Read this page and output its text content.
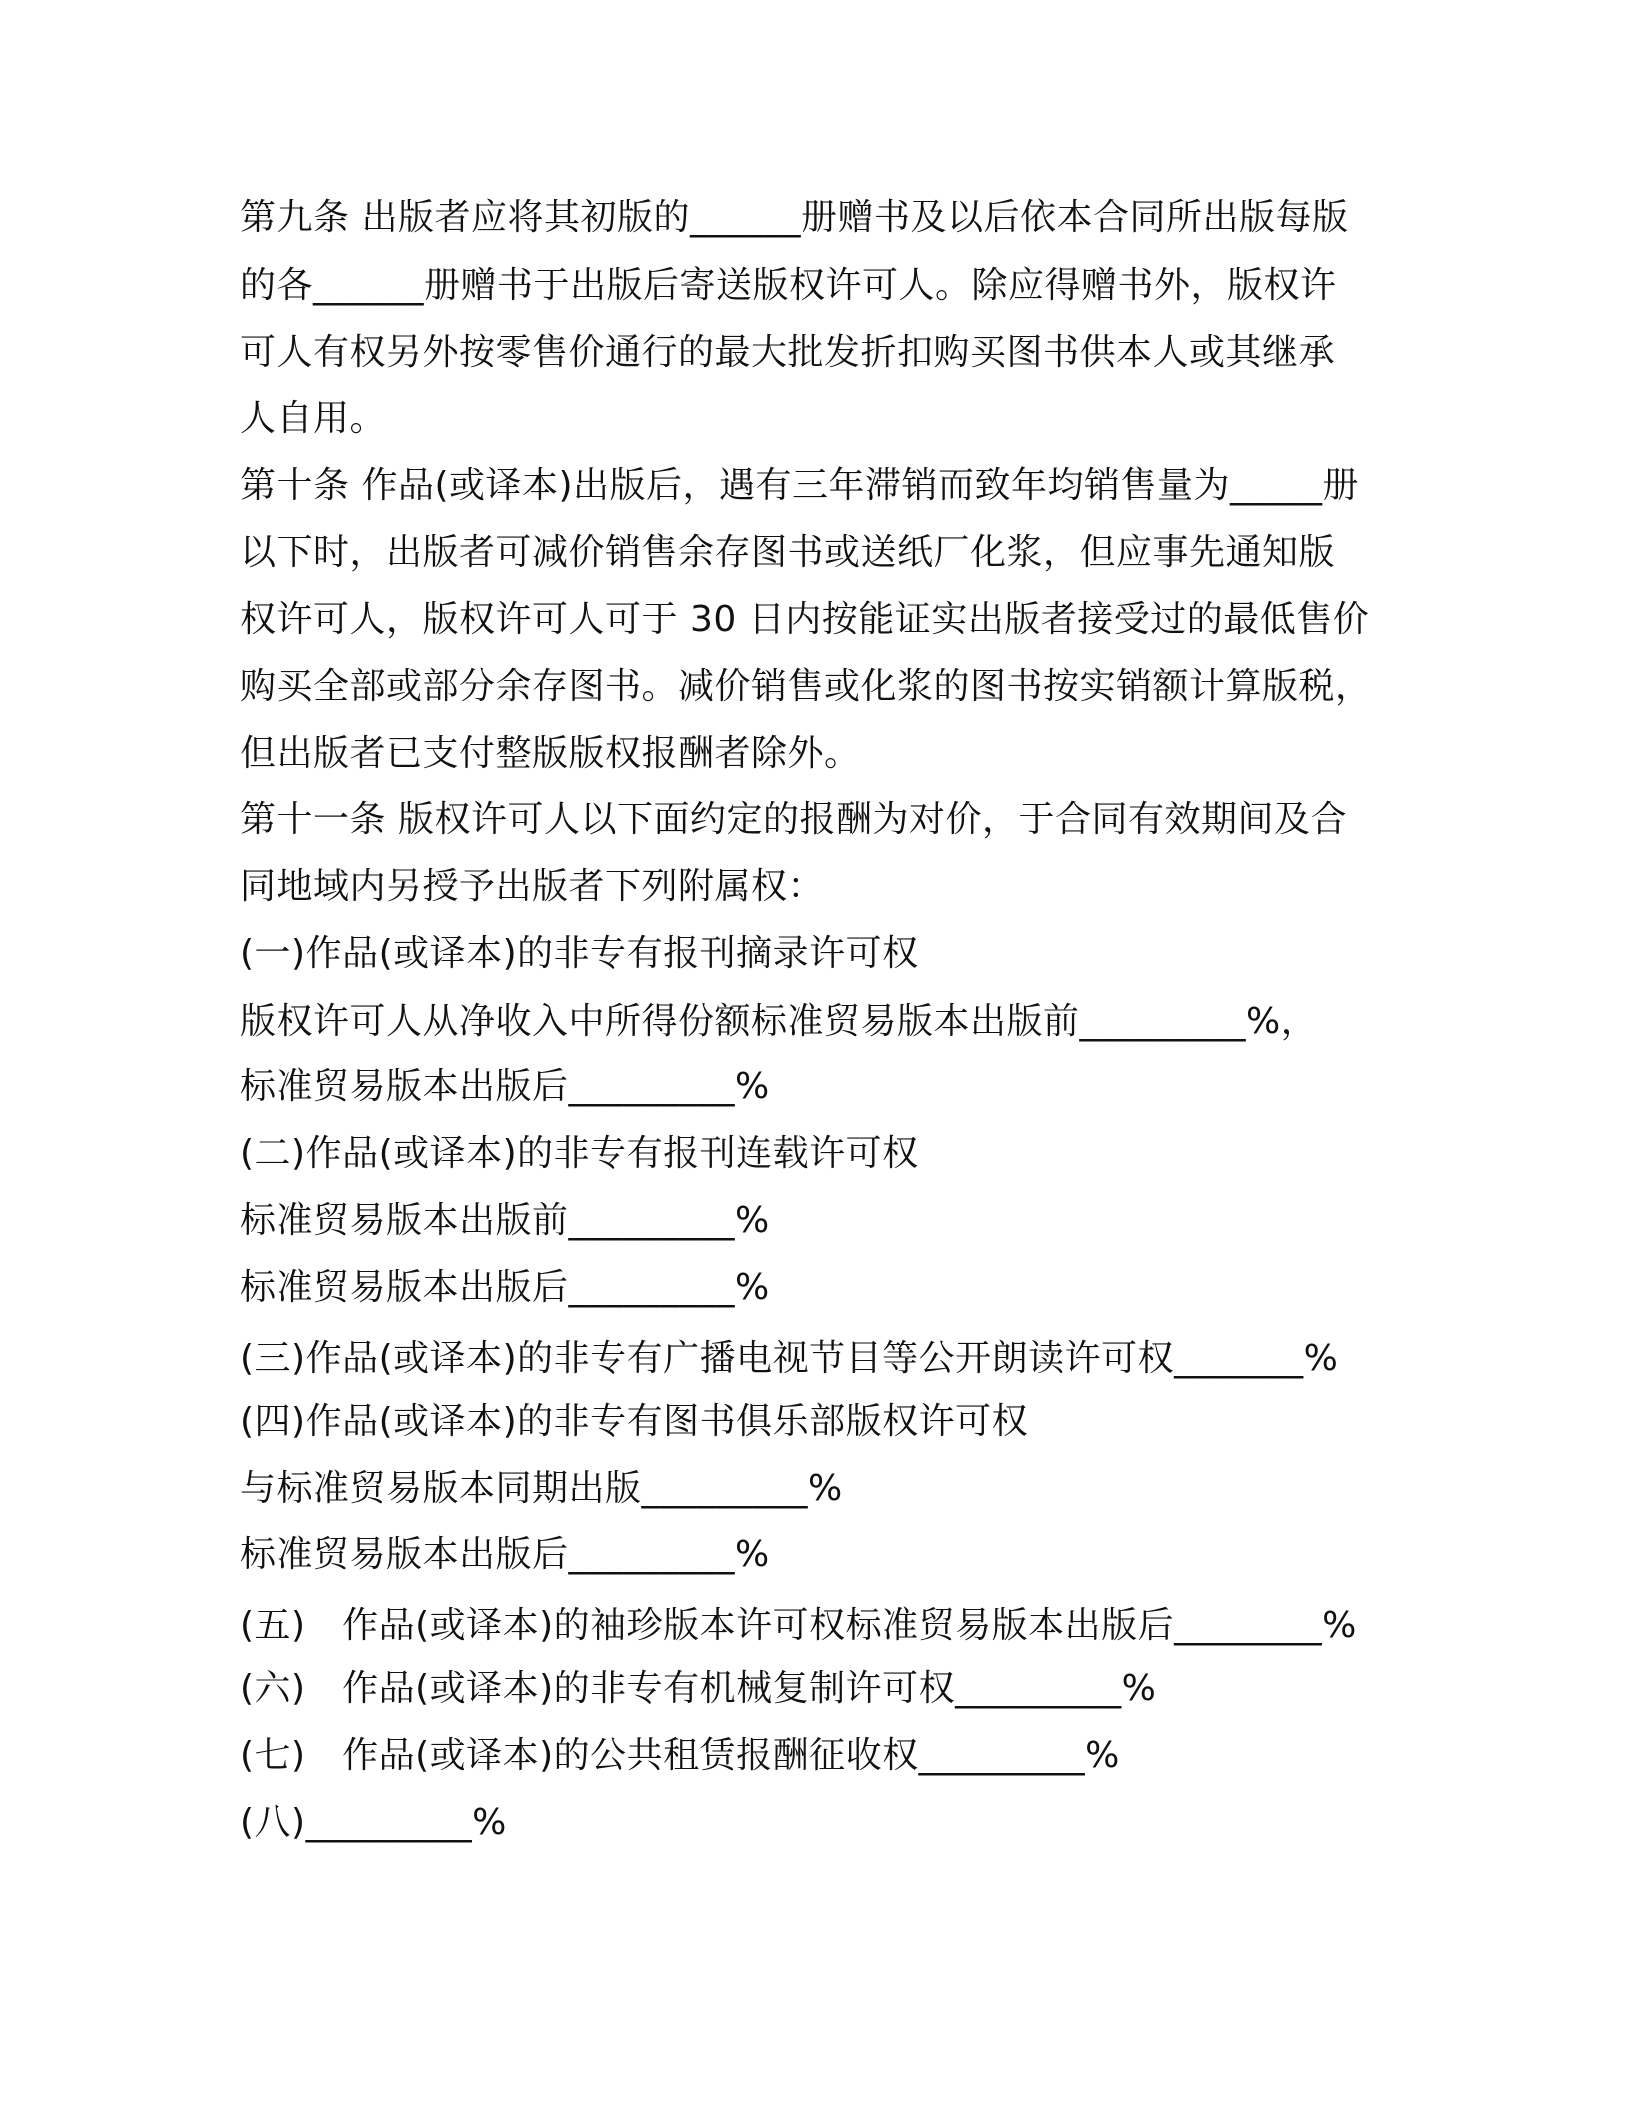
第九条 出版者应将其初版的______册赠书及以后依本合同所出版每版
的各______册赠书于出版后寄送版权许可人。除应得赠书外，版权许
可人有权另外按零售价通行的最大批发折扣购买图书供本人或其继承
人自用。
第十条 作品(或译本)出版后，遇有三年滞销而致年均销售量为_____册
以下时，出版者可减价销售余存图书或送纸厂化浆，但应事先通知版
权许可人，版权许可人可于 30 日内按能证实出版者接受过的最低售价
购买全部或部分余存图书。减价销售或化浆的图书按实销额计算版税，
但出版者已支付整版版权报酬者除外。
第十一条 版权许可人以下面约定的报酬为对价，于合同有效期间及合
同地域内另授予出版者下列附属权：
(一)作品(或译本)的非专有报刊摘录许可权
版权许可人从净收入中所得份额标准贸易版本出版前_________%，
标准贸易版本出版后_________%
(二)作品(或译本)的非专有报刊连载许可权
标准贸易版本出版前_________%
标准贸易版本出版后_________%
(三)作品(或译本)的非专有广播电视节目等公开朗读许可权_______%
(四)作品(或译本)的非专有图书俱乐部版权许可权
与标准贸易版本同期出版_________%
标准贸易版本出版后_________%
(五)　作品(或译本)的袖珍版本许可权标准贸易版本出版后________%
(六)　作品(或译本)的非专有机械复制许可权_________%
(七)　作品(或译本)的公共租赁报酬征收权_________%
(八)_________%
